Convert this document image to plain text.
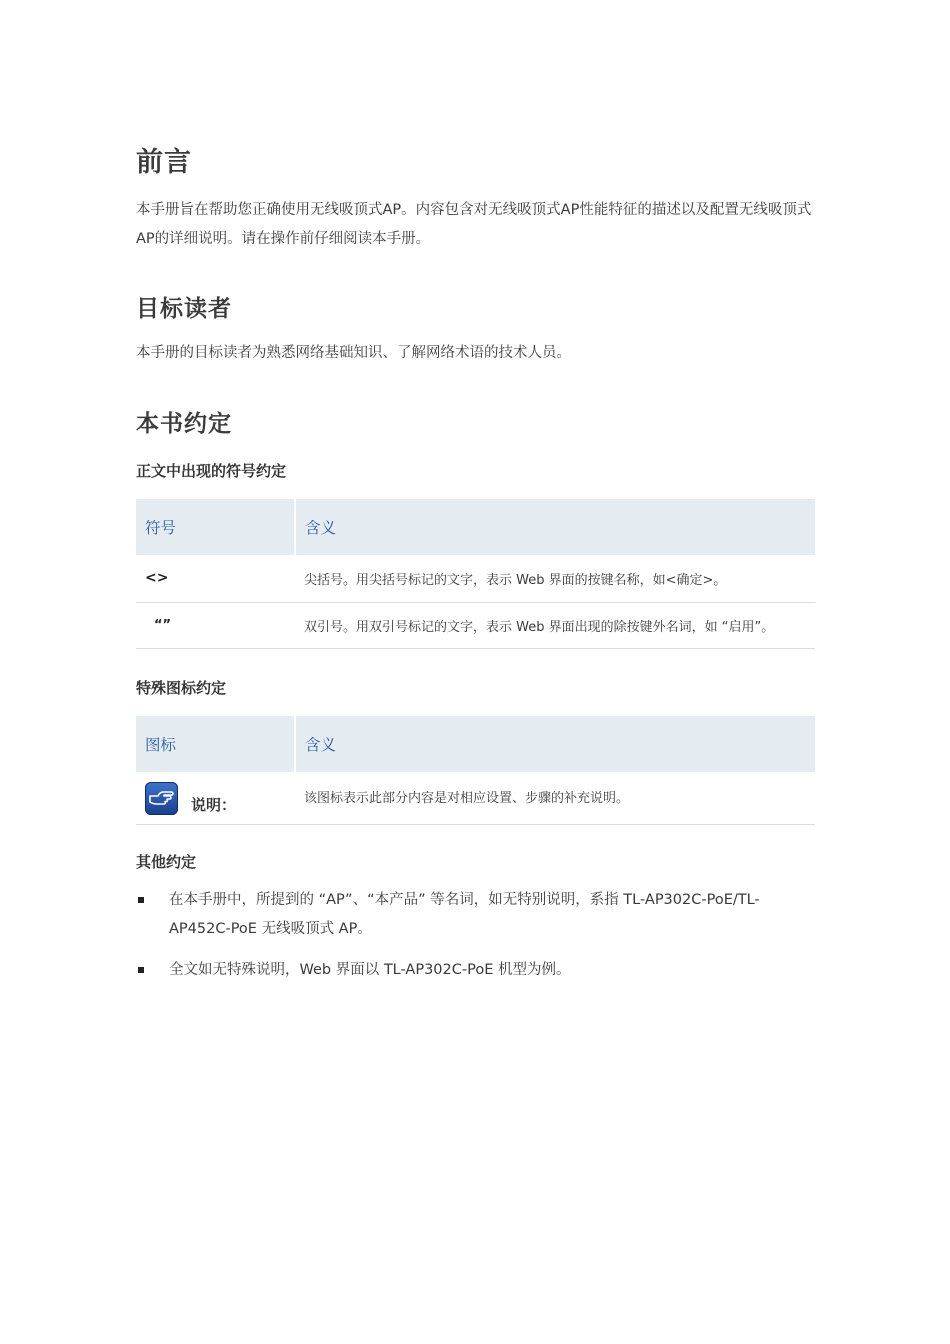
前言

本手册旨在帮助您正确使用无线吸顶式AP。内容包含对无线吸顶式AP性能特征的描述以及配置无线吸顶式AP的详细说明。请在操作前仔细阅读本手册。

目标读者

本手册的目标读者为熟悉网络基础知识、了解网络术语的技术人员。

本书约定
正文中出现的符号约定
符号	含义
<>	尖括号。用尖括号标记的文字，表示 Web 界面的按键名称，如<确定>。
“”	双引号。用双引号标记的文字，表示 Web 界面出现的除按键外名词，如 “启用”。
特殊图标约定
图标	含义

说明：	该图标表示此部分内容是对相应设置、步骤的补充说明。
其他约定
在本手册中，所提到的 “AP”、“本产品” 等名词，如无特别说明，系指 TL-AP302C-PoE/TL-AP452C-PoE 无线吸顶式 AP。
全文如无特殊说明，Web 界面以 TL-AP302C-PoE 机型为例。
